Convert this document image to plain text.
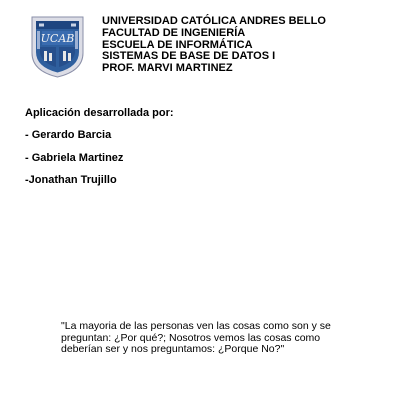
UCAB
UNIVERSIDAD CATÓLICA ANDRES BELLO
FACULTAD DE INGENIERÍA
ESCUELA DE INFORMÁTICA
SISTEMAS DE BASE DE DATOS I
PROF. MARVI MARTINEZ
Aplicación desarrollada por:
- Gerardo Barcia
- Gabriela Martinez
-Jonathan Trujillo

"La mayoria de las personas ven las cosas como son y se preguntan: ¿Por qué?; Nosotros vemos las cosas como deberían ser y nos preguntamos: ¿Porque No?"
